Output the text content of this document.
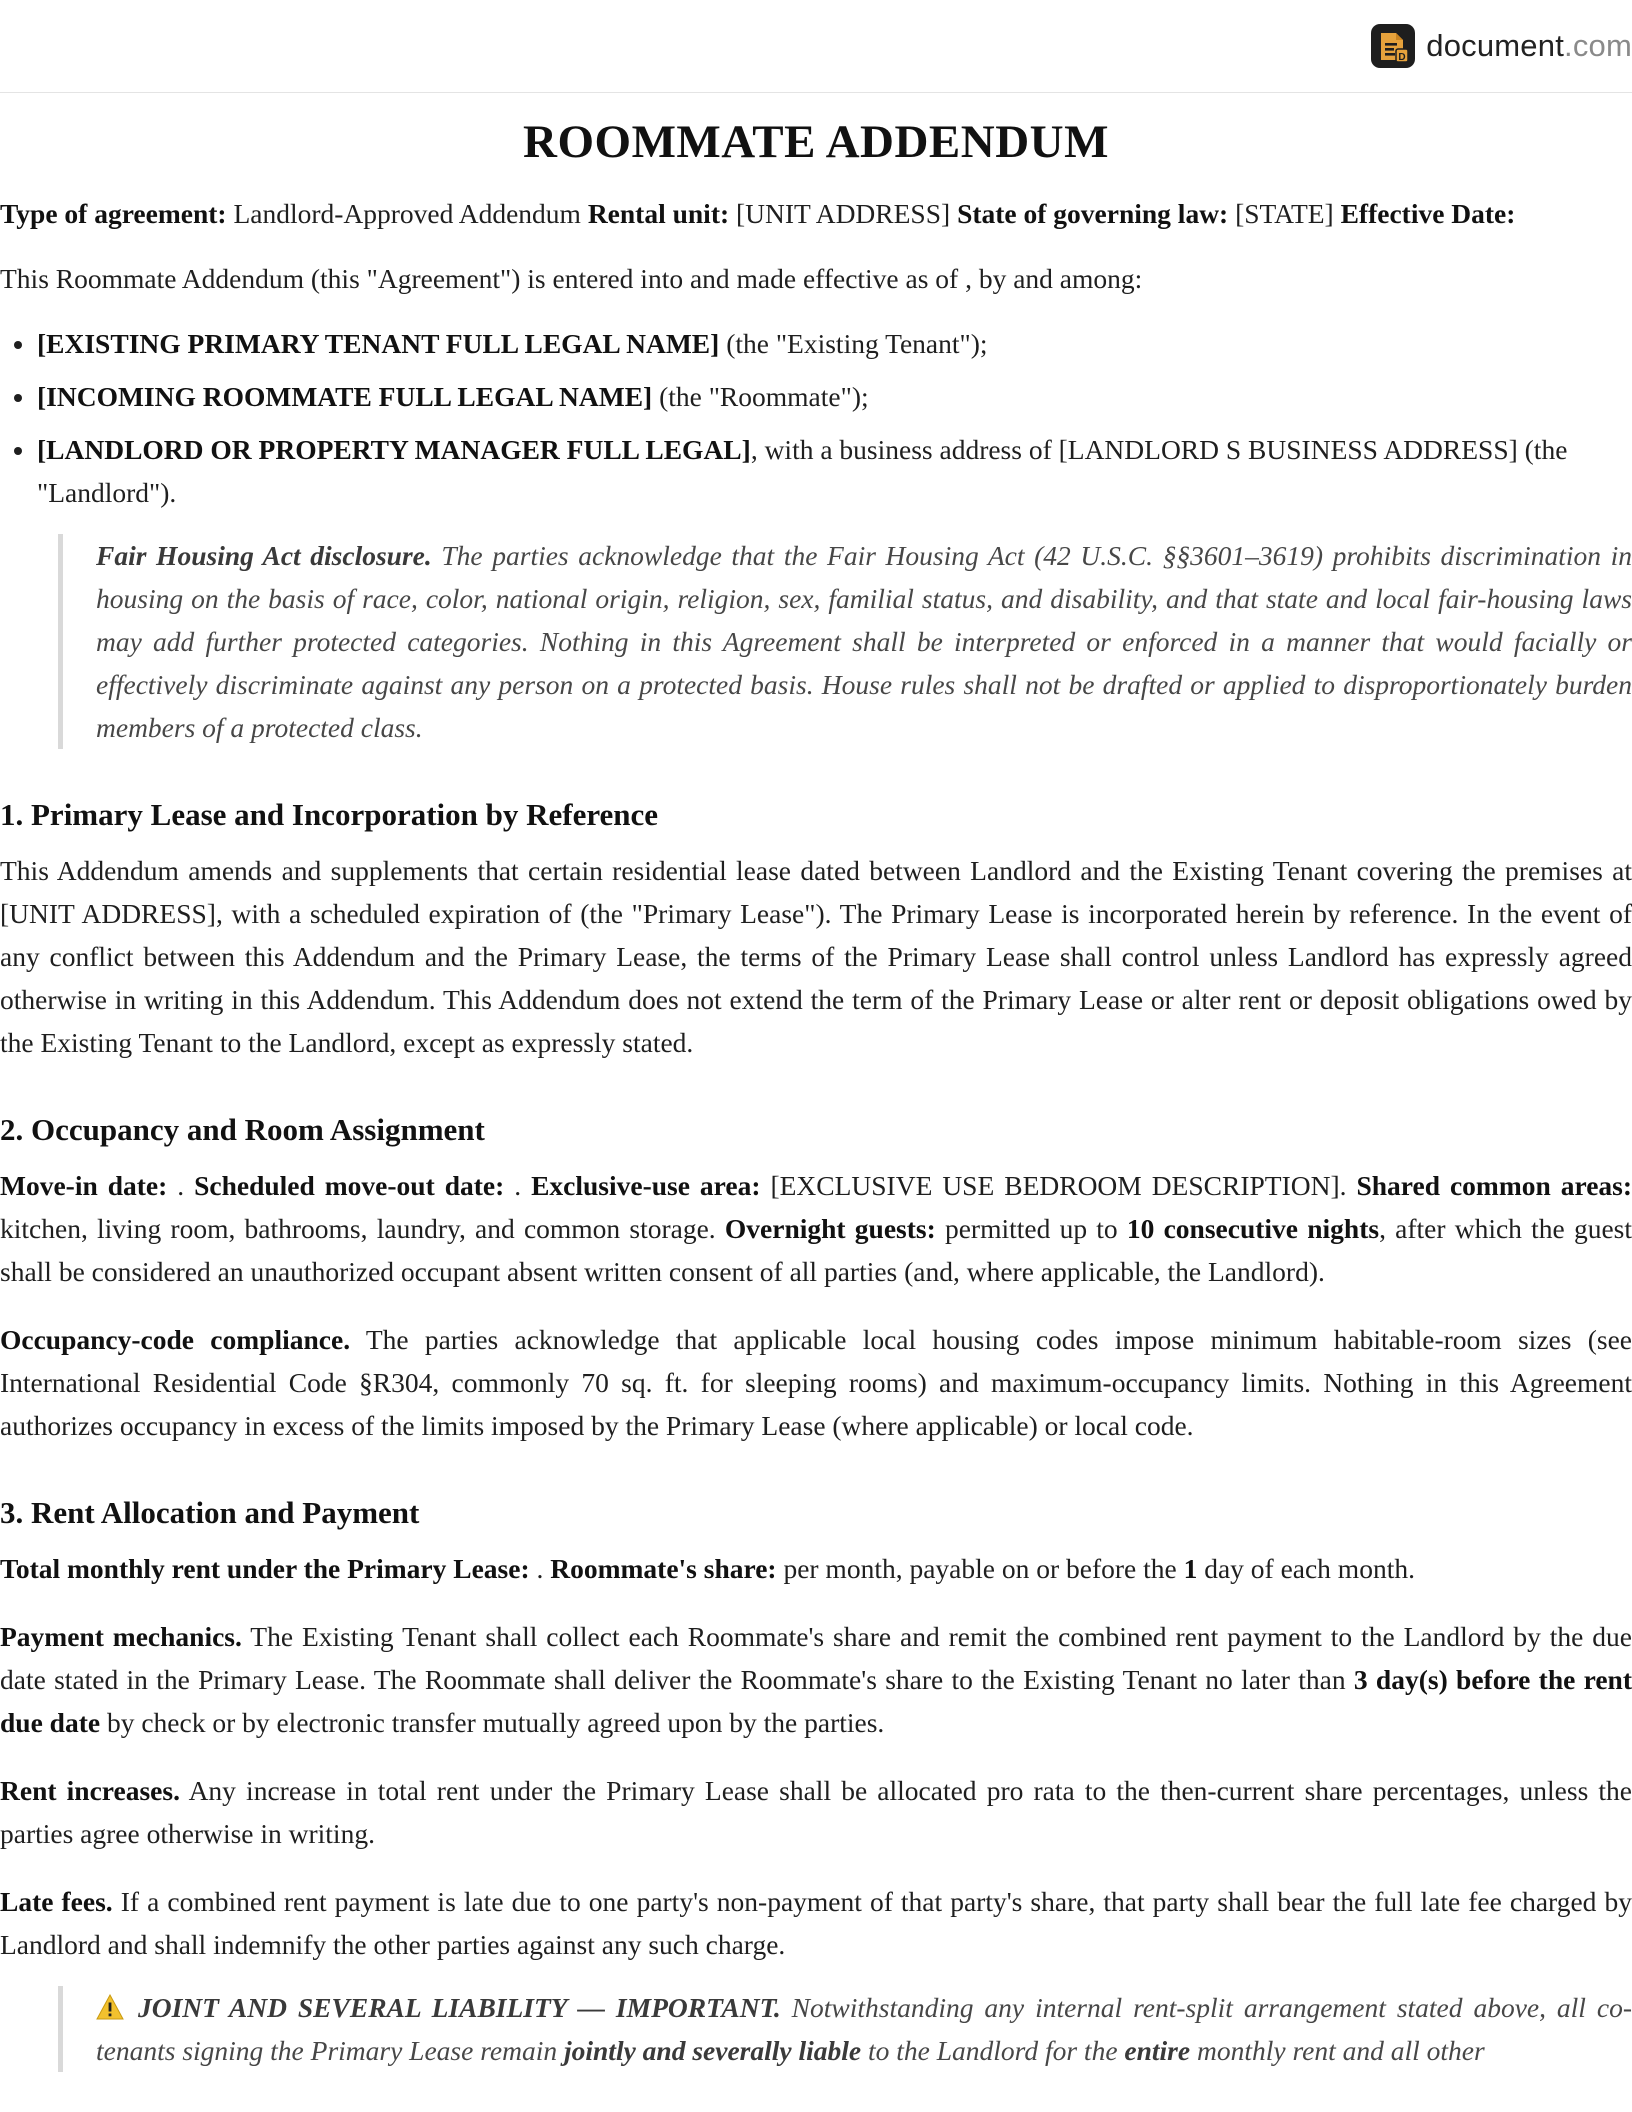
D document.com
ROOMMATE ADDENDUM

Type of agreement: Landlord-Approved Addendum Rental unit: [UNIT ADDRESS] State of governing law: [STATE] Effective Date:

This Roommate Addendum (this "Agreement") is entered into and made effective as of , by and among:

• [EXISTING PRIMARY TENANT FULL LEGAL NAME] (the "Existing Tenant");
• [INCOMING ROOMMATE FULL LEGAL NAME] (the "Roommate");
• [LANDLORD OR PROPERTY MANAGER FULL LEGAL], with a business address of [LANDLORD S BUSINESS ADDRESS] (the "Landlord").
Fair Housing Act disclosure. The parties acknowledge that the Fair Housing Act (42 U.S.C. §§3601–3619) prohibits discrimination in housing on the basis of race, color, national origin, religion, sex, familial status, and disability, and that state and local fair-housing laws may add further protected categories. Nothing in this Agreement shall be interpreted or enforced in a manner that would facially or effectively discriminate against any person on a protected basis. House rules shall not be drafted or applied to disproportionately burden members of a protected class.
1. Primary Lease and Incorporation by Reference

This Addendum amends and supplements that certain residential lease dated between Landlord and the Existing Tenant covering the premises at [UNIT ADDRESS], with a scheduled expiration of (the "Primary Lease"). The Primary Lease is incorporated herein by reference. In the event of any conflict between this Addendum and the Primary Lease, the terms of the Primary Lease shall control unless Landlord has expressly agreed otherwise in writing in this Addendum. This Addendum does not extend the term of the Primary Lease or alter rent or deposit obligations owed by the Existing Tenant to the Landlord, except as expressly stated.

2. Occupancy and Room Assignment

Move-in date: . Scheduled move-out date: . Exclusive-use area: [EXCLUSIVE USE BEDROOM DESCRIPTION]. Shared common areas: kitchen, living room, bathrooms, laundry, and common storage. Overnight guests: permitted up to 10 consecutive nights, after which the guest shall be considered an unauthorized occupant absent written consent of all parties (and, where applicable, the Landlord).

Occupancy-code compliance. The parties acknowledge that applicable local housing codes impose minimum habitable-room sizes (see International Residential Code §R304, commonly 70 sq. ft. for sleeping rooms) and maximum-occupancy limits. Nothing in this Agreement authorizes occupancy in excess of the limits imposed by the Primary Lease (where applicable) or local code.

3. Rent Allocation and Payment

Total monthly rent under the Primary Lease: . Roommate's share: per month, payable on or before the 1 day of each month.

Payment mechanics. The Existing Tenant shall collect each Roommate's share and remit the combined rent payment to the Landlord by the due date stated in the Primary Lease. The Roommate shall deliver the Roommate's share to the Existing Tenant no later than 3 day(s) before the rent due date by check or by electronic transfer mutually agreed upon by the parties.

Rent increases. Any increase in total rent under the Primary Lease shall be allocated pro rata to the then-current share percentages, unless the parties agree otherwise in writing.

Late fees. If a combined rent payment is late due to one party's non-payment of that party's share, that party shall bear the full late fee charged by Landlord and shall indemnify the other parties against any such charge.

JOINT AND SEVERAL LIABILITY — IMPORTANT. Notwithstanding any internal rent-split arrangement stated above, all co-tenants signing the Primary Lease remain jointly and severally liable to the Landlord for the entire monthly rent and all other
